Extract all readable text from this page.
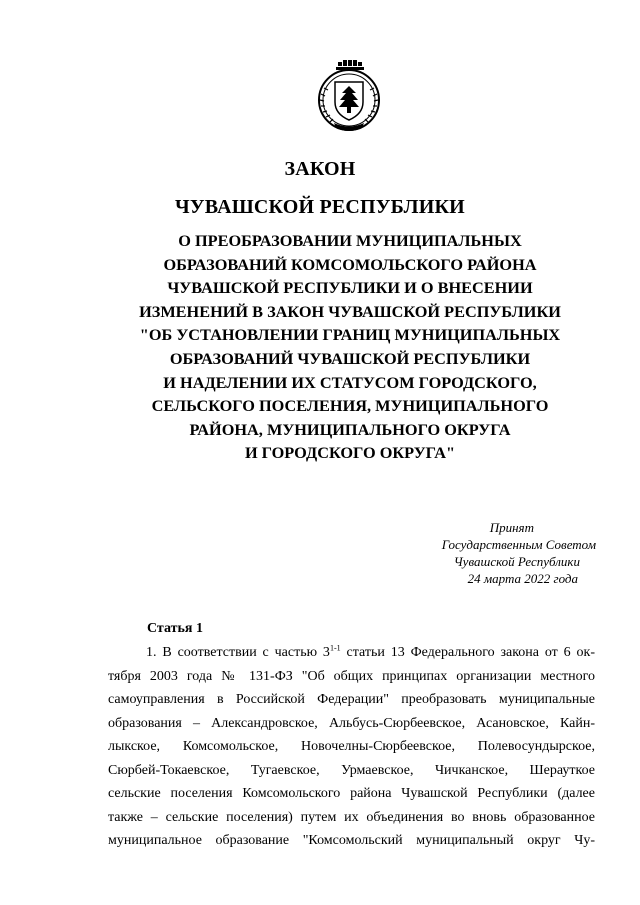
ЗАКОН
ЧУВАШСКОЙ РЕСПУБЛИКИ
О ПРЕОБРАЗОВАНИИ МУНИЦИПАЛЬНЫХ
ОБРАЗОВАНИЙ КОМСОМОЛЬСКОГО РАЙОНА
ЧУВАШСКОЙ РЕСПУБЛИКИ И О ВНЕСЕНИИ
ИЗМЕНЕНИЙ В ЗАКОН ЧУВАШСКОЙ РЕСПУБЛИКИ
"ОБ УСТАНОВЛЕНИИ ГРАНИЦ МУНИЦИПАЛЬНЫХ
ОБРАЗОВАНИЙ ЧУВАШСКОЙ РЕСПУБЛИКИ
И НАДЕЛЕНИИ ИХ СТАТУСОМ ГОРОДСКОГО,
СЕЛЬСКОГО ПОСЕЛЕНИЯ, МУНИЦИПАЛЬНОГО
РАЙОНА, МУНИЦИПАЛЬНОГО ОКРУГА
И ГОРОДСКОГО ОКРУГА"
Принят
Государственным Советом
Чувашской Республики
24 марта 2022 года
Статья 1
1. В соответствии с частью 3$^{1-1}$ статьи 13 Федерального закона от 6 ок-
тября 2003 года № 131-ФЗ "Об общих принципах организации местного
самоуправления в Российской Федерации" преобразовать муниципальные
образования – Александровское, Альбусь-Сюрбеевское, Асановское, Кайн-
лыкское, Комсомольское, Новочелны-Сюрбеевское, Полевосундырское,
Сюрбей-Токаевское, Тугаевское, Урмаевское, Чичканское, Шерауткое
сельские поселения Комсомольского района Чувашской Республики (далее
также – сельские поселения) путем их объединения во вновь образованное
муниципальное образование "Комсомольский муниципальный округ Чу-
